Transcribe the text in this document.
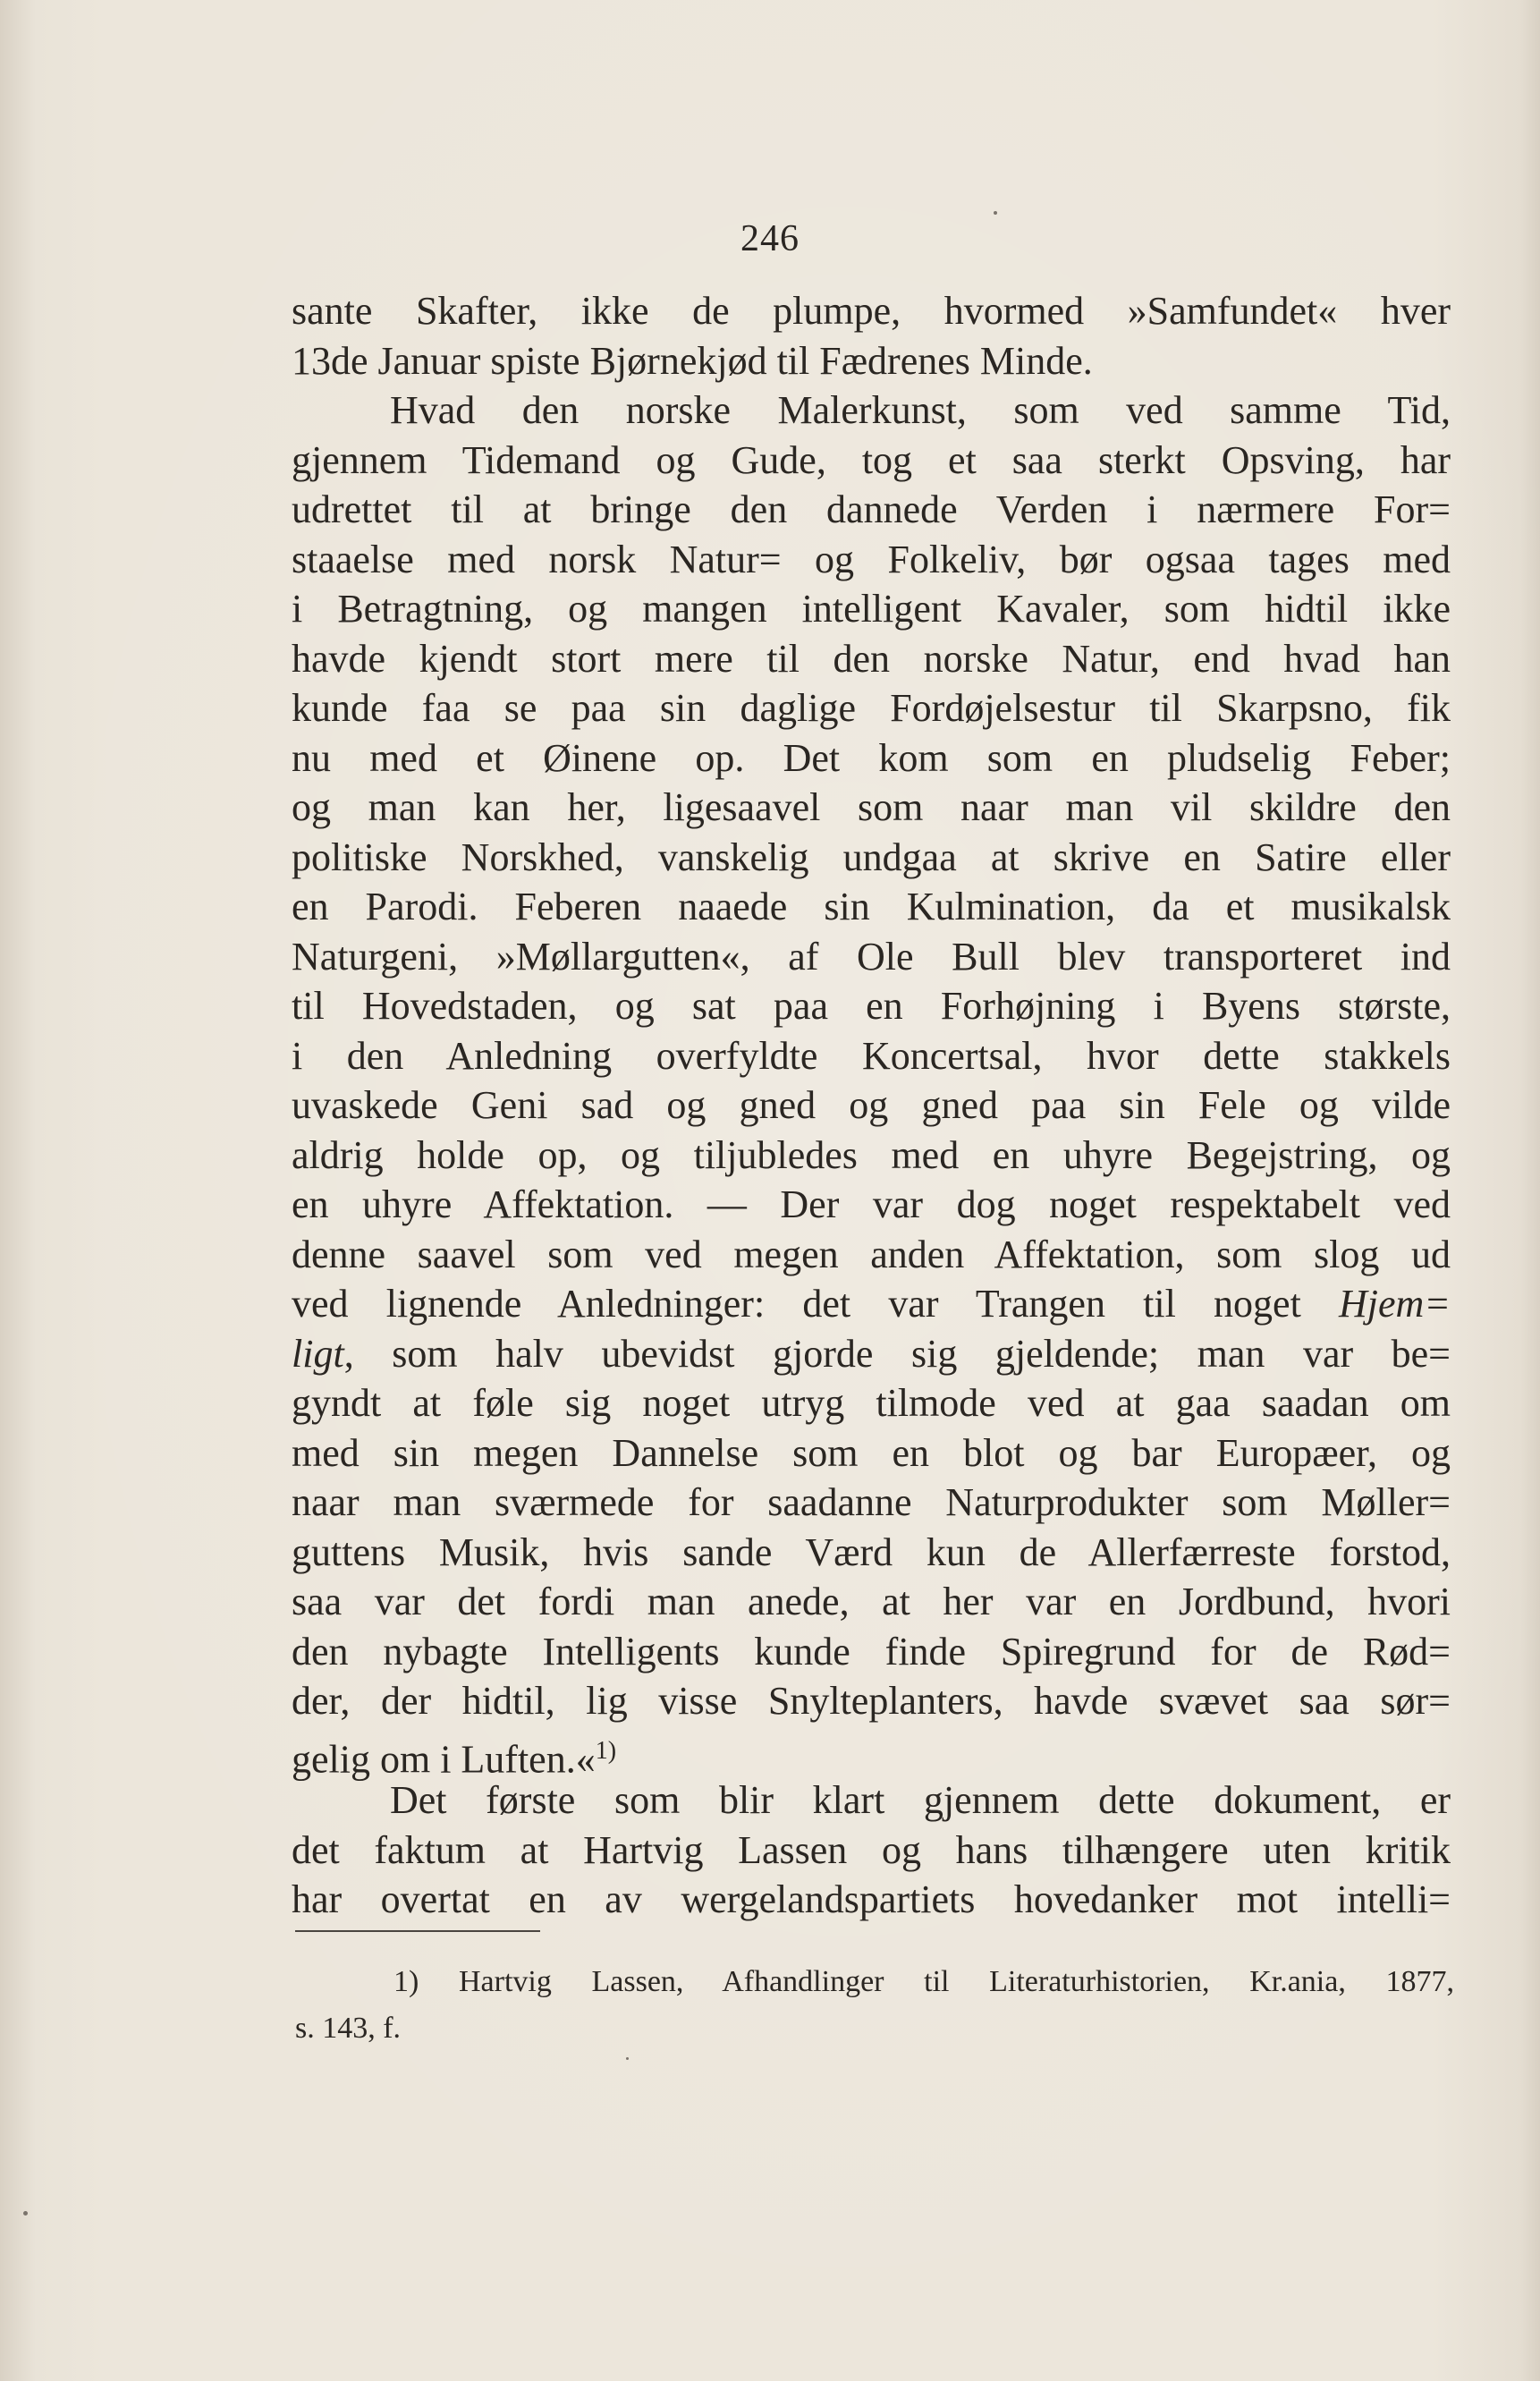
246
sante Skafter, ikke de plumpe, hvormed »Samfundet« hver
13de Januar spiste Bjørnekjød til Fædrenes Minde.
Hvad den norske Malerkunst, som ved samme Tid,
gjennem Tidemand og Gude, tog et saa sterkt Opsving, har
udrettet til at bringe den dannede Verden i nærmere For=
staaelse med norsk Natur= og Folkeliv, bør ogsaa tages med
i Betragtning, og mangen intelligent Kavaler, som hidtil ikke
havde kjendt stort mere til den norske Natur, end hvad han
kunde faa se paa sin daglige Fordøjelsestur til Skarpsno, fik
nu med et Øinene op. Det kom som en pludselig Feber;
og man kan her, ligesaavel som naar man vil skildre den
politiske Norskhed, vanskelig undgaa at skrive en Satire eller
en Parodi. Feberen naaede sin Kulmination, da et musikalsk
Naturgeni, »Møllargutten«, af Ole Bull blev transporteret ind
til Hovedstaden, og sat paa en Forhøjning i Byens største,
i den Anledning overfyldte Koncertsal, hvor dette stakkels
uvaskede Geni sad og gned og gned paa sin Fele og vilde
aldrig holde op, og tiljubledes med en uhyre Begejstring, og
en uhyre Affektation. — Der var dog noget respektabelt ved
denne saavel som ved megen anden Affektation, som slog ud
ved lignende Anledninger: det var Trangen til noget Hjem=
ligt, som halv ubevidst gjorde sig gjeldende; man var be=
gyndt at føle sig noget utryg tilmode ved at gaa saadan om
med sin megen Dannelse som en blot og bar Europæer, og
naar man sværmede for saadanne Naturprodukter som Møller=
guttens Musik, hvis sande Værd kun de Allerfærreste forstod,
saa var det fordi man anede, at her var en Jordbund, hvori
den nybagte Intelligents kunde finde Spiregrund for de Rød=
der, der hidtil, lig visse Snylteplanters, havde svævet saa sør=
gelig om i Luften.«$^{1)}$
Det første som blir klart gjennem dette dokument, er
det faktum at Hartvig Lassen og hans tilhængere uten kritik
har overtat en av wergelandspartiets hovedanker mot intelli=
1) Hartvig Lassen, Afhandlinger til Literaturhistorien, Kr.ania, 1877,
s. 143, f.
